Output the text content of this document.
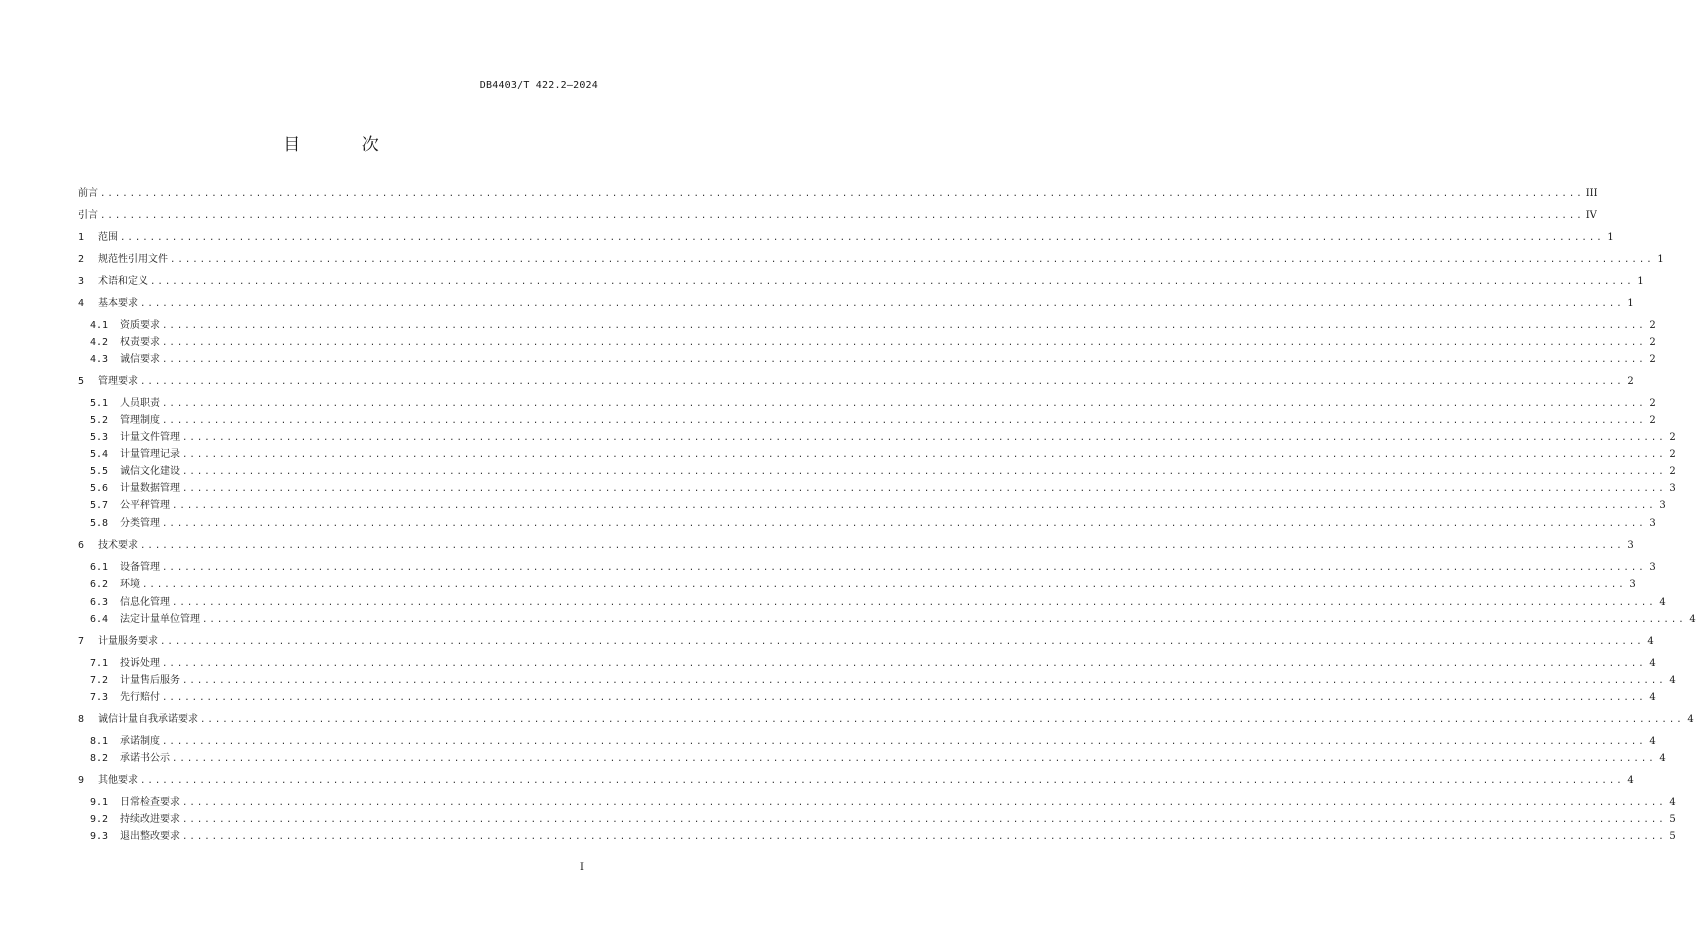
DB4403/T 422.2—2024
目 次
前言 ........................................................................................................................................................................................................ III
引言 ........................................................................................................................................................................................................ IV
1	范围 ........................................................................................................................................................................................................ 1
2	规范性引用文件 ........................................................................................................................................................................................................ 1
3	术语和定义 ........................................................................................................................................................................................................ 1
4	基本要求 ........................................................................................................................................................................................................ 1
4.1	资质要求 ........................................................................................................................................................................................................ 2
4.2	权责要求 ........................................................................................................................................................................................................ 2
4.3	诚信要求 ........................................................................................................................................................................................................ 2
5	管理要求 ........................................................................................................................................................................................................ 2
5.1	人员职责 ........................................................................................................................................................................................................ 2
5.2	管理制度 ........................................................................................................................................................................................................ 2
5.3	计量文件管理 ........................................................................................................................................................................................................ 2
5.4	计量管理记录 ........................................................................................................................................................................................................ 2
5.5	诚信文化建设 ........................................................................................................................................................................................................ 2
5.6	计量数据管理 ........................................................................................................................................................................................................ 3
5.7	公平秤管理 ........................................................................................................................................................................................................ 3
5.8	分类管理 ........................................................................................................................................................................................................ 3
6	技术要求 ........................................................................................................................................................................................................ 3
6.1	设备管理 ........................................................................................................................................................................................................ 3
6.2	环境 ........................................................................................................................................................................................................ 3
6.3	信息化管理 ........................................................................................................................................................................................................ 4
6.4	法定计量单位管理 ........................................................................................................................................................................................................ 4
7	计量服务要求 ........................................................................................................................................................................................................ 4
7.1	投诉处理 ........................................................................................................................................................................................................ 4
7.2	计量售后服务 ........................................................................................................................................................................................................ 4
7.3	先行赔付 ........................................................................................................................................................................................................ 4
8	诚信计量自我承诺要求 ........................................................................................................................................................................................................ 4
8.1	承诺制度 ........................................................................................................................................................................................................ 4
8.2	承诺书公示 ........................................................................................................................................................................................................ 4
9	其他要求 ........................................................................................................................................................................................................ 4
9.1	日常检查要求 ........................................................................................................................................................................................................ 4
9.2	持续改进要求 ........................................................................................................................................................................................................ 5
9.3	退出整改要求 ........................................................................................................................................................................................................ 5
I
